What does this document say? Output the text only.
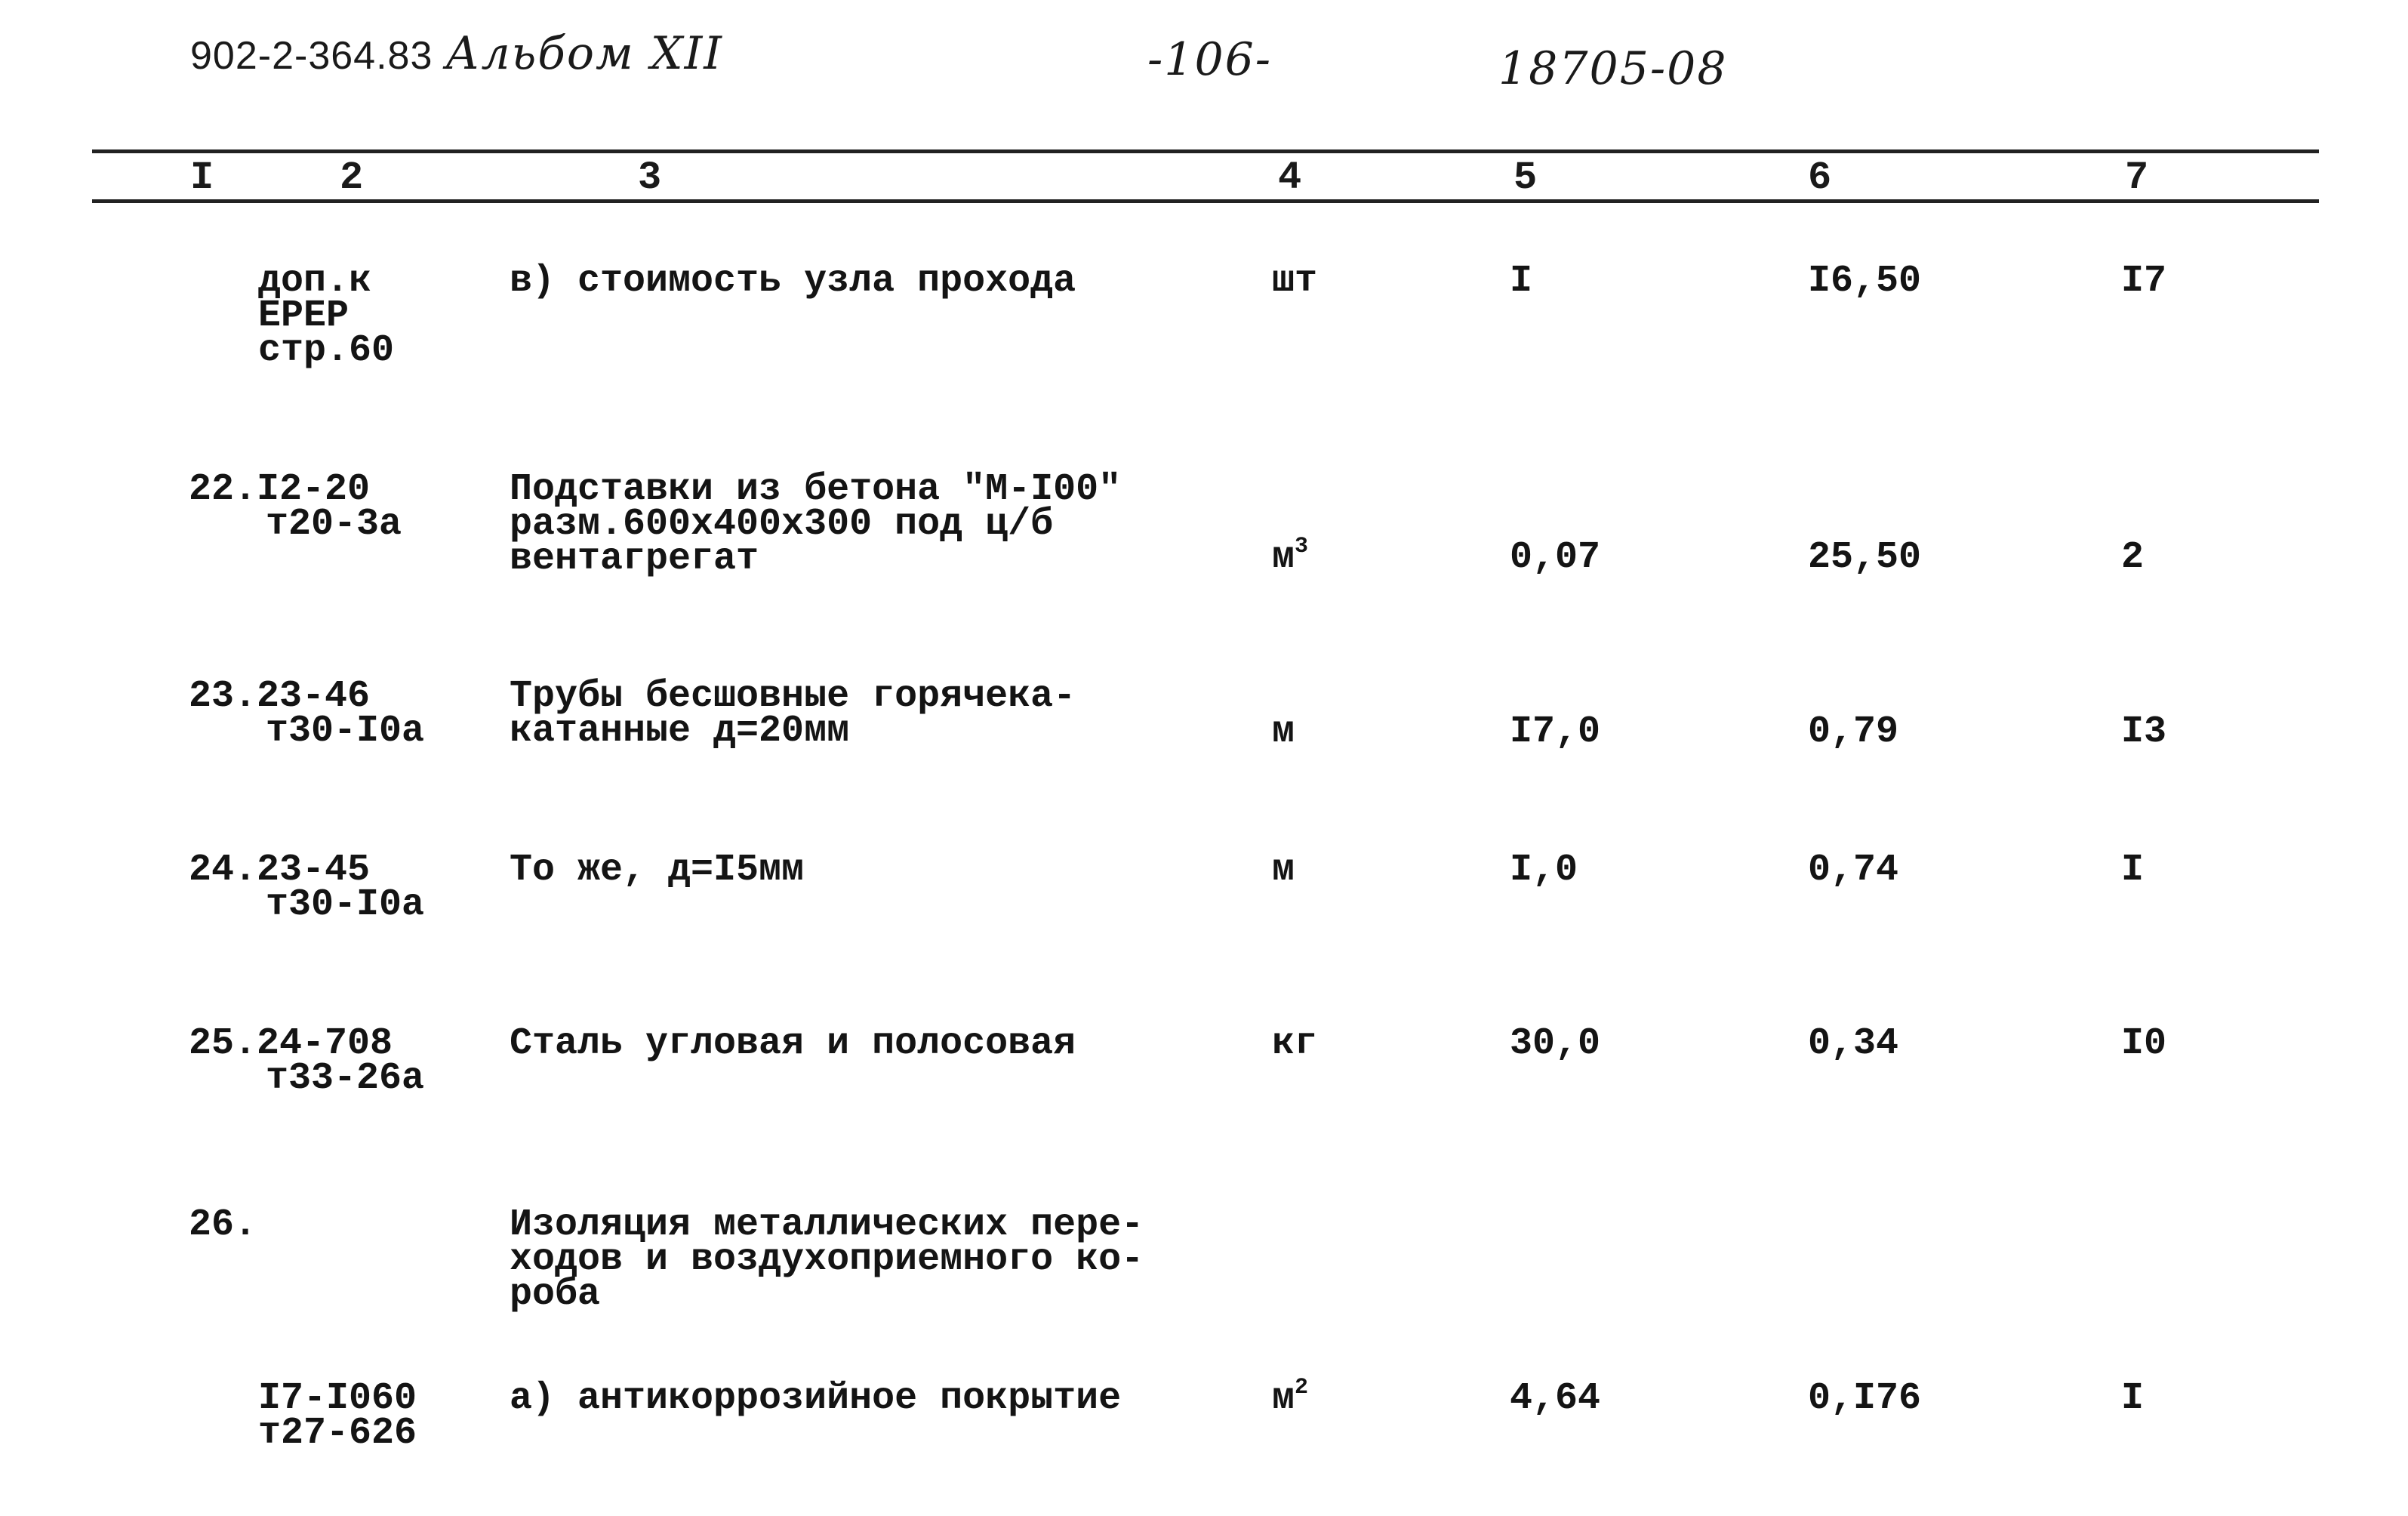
902-2-364.83 Альбом XII	-106-	18705-08
I	2	3	4	5	6	7
доп.к
ЕРЕР
стр.60
в) стоимость узла прохода	шт	I	I6,50	I7
22. I2-20
т20-3а
Подставки из бетона "М-I00"
разм.600х400х300 под ц/б
вентагрегат	$м^3$	0,07	25,50	2
23. 23-46
т30-I0а
Трубы бесшовные горячека-
катанные д=20мм	м	I7,0	0,79	I3
24. 23-45
т30-I0а
То же, д=I5мм	м	I,0	0,74	I
25. 24-708
т33-26а
Сталь угловая и полосовая	кг	30,0	0,34	I0
26.	Изоляция металлических пере-
ходов и воздухоприемного ко-
роба
I7-I060
т27-626
а) антикоррозийное покрытие	$м^2$	4,64	0,I76	I
